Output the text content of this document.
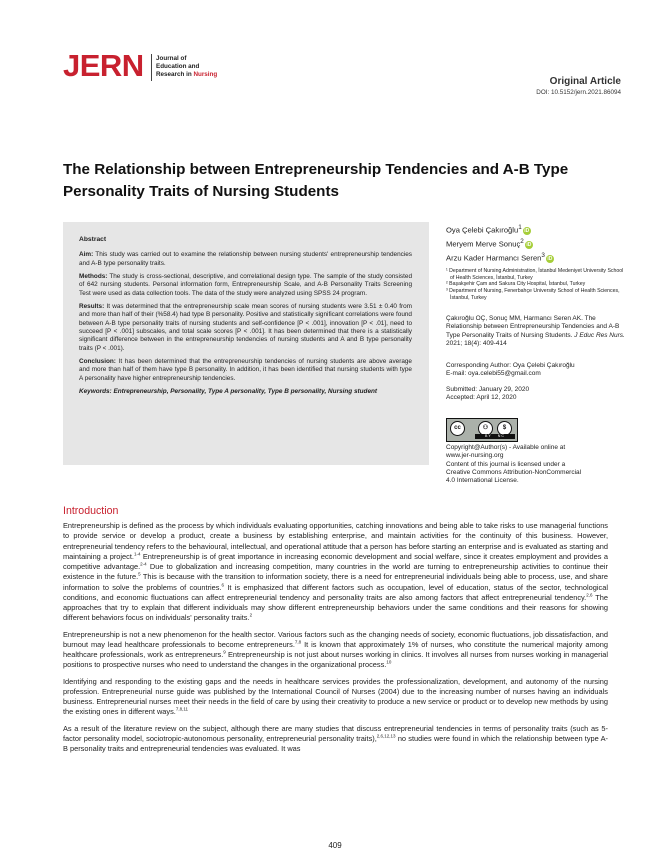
JERN Journal of
Education and
Research in Nursing
Original Article
DOI: 10.5152/jern.2021.86094
The Relationship between Entrepreneurship Tendencies and A-B Type Personality Traits of Nursing Students
Abstract

Aim: This study was carried out to examine the relationship between nursing students' entrepreneurship tendencies and A-B type personality traits.

Methods: The study is cross-sectional, descriptive, and correlational design type. The sample of the study consisted of 642 nursing students. Personal information form, Entrepreneurship Scale, and A-B Personality Traits Screening Test were used as data collection tools. The data of the study were analyzed using SPSS 24 program.

Results: It was determined that the entrepreneurship scale mean scores of nursing students were 3.51 ± 0.40 from and more than half of their (%58.4) had type B personality. Positive and statistically significant correlations were found between A-B type personality traits of nursing students and self-confidence [P < .001], innovation [P < .01], need to succeed [P < .001] subscales, and total scale scores [P < .001]. It has been determined that there is a statistically significant difference between in the entrepreneurship tendencies of nursing students and A and B type personality traits (P < .001).

Conclusion: It has been determined that the entrepreneurship tendencies of nursing students are above average and more than half of them have type B personality. In addition, it has been identified that nursing students with type A personality have higher entrepreneurship tendencies.

Keywords: Entrepreneurship, Personality, Type A personality, Type B personality, Nursing student

Oya Çelebi Çakıroğlu$^1$ iD
Meryem Merve Sonuç$^2$ iD
Arzu Kader Harmancı Seren$^3$ iD
¹ Department of Nursing Administration, İstanbul Medeniyet University School of Health Sciences, İstanbul, Turkey
² Başakşehir Çam and Sakura City Hospital, İstanbul, Turkey
³ Department of Nursing, Fenerbahçe University School of Health Sciences, İstanbul, Turkey
Çakıroğlu OÇ, Sonuç MM, Harmancı Seren AK. The Relationship between Entrepreneurship Tendencies and A-B Type Personality Traits of Nursing Students. J Educ Res Nurs. 2021; 18(4): 409-414
Corresponding Author: Oya Çelebi Çakıroğlu
E-mail: oya.celebi55@gmail.com
Submitted: January 29, 2020
Accepted: April 12, 2020
cc	⚇	$
BY NC
Copyright@Author(s) - Available online at
www.jer-nursing.org
Content of this journal is licensed under a
Creative Commons Attribution-NonCommercial
4.0 International License.
Introduction

Entrepreneurship is defined as the process by which individuals evaluating opportunities, catching innovations and being able to take risks to use managerial functions to provide service or develop a product, create a business by establishing enterprise, and maintain activities for the continuity of this business. However, entrepreneurial tendency refers to the behavioural, intellectual, and operational attitude that a person has before starting an enterprise and is evaluated as starting and maintaining a project.$^{1-4}$ Entrepreneurship is of great importance in increasing economic development and social welfare, since it creates employment and provides a competitive advantage.$^{2-4}$ Due to globalization and increasing competition, many countries in the world are turning to entrepreneurship activities to continue their existence in the future.$^5$ This is because with the transition to information society, there is a need for entrepreneurial individuals being able to process, use, and share information to solve the problems of countries.$^6$ It is emphasized that different factors such as occupation, level of education, status of the sector, technological conditions, and economic fluctuations can affect entrepreneurial tendency and personality traits are also among factors that affect entrepreneurial tendency.$^{2,6}$ The approaches that try to explain that different individuals may show different entrepreneurship behaviors under the same conditions and their reasons for showing different behaviors focus on individuals' personality traits.$^2$

Entrepreneurship is not a new phenomenon for the health sector. Various factors such as the changing needs of society, economic fluctuations, job dissatisfaction, and burnout may lead healthcare professionals to become entrepreneurs.$^{7,8}$ It is known that approximately 1% of nurses, who constitute the numerical majority among healthcare professionals, work as entrepreneurs.$^9$ Entrepreneurship is not just about nurses working in clinics. It involves all nurses from nurses working in managerial positions to prospective nurses who need to understand the changes in the organizational process.$^{10}$

Identifying and responding to the existing gaps and the needs in healthcare services provides the professionalization, development, and autonomy of the nursing profession. Entrepreneurial nurse guide was published by the International Council of Nurses (2004) due to the increasing number of nurses having an individuals business. Entrepreneurial nurses meet their needs in the field of care by using their creativity to produce a new service or product or to develop new methods by using the existing ones in different ways.$^{7,8,11}$

As a result of the literature review on the subject, although there are many studies that discuss entrepreneurial tendencies in terms of personality traits (such as 5-factor personality model, sociotropic-autonomous personality, entrepreneurial personality traits),$^{2,6,12,13}$ no studies were found in which the relationship between type A-B personality traits and entrepreneurial tendencies was evaluated. It was

409
